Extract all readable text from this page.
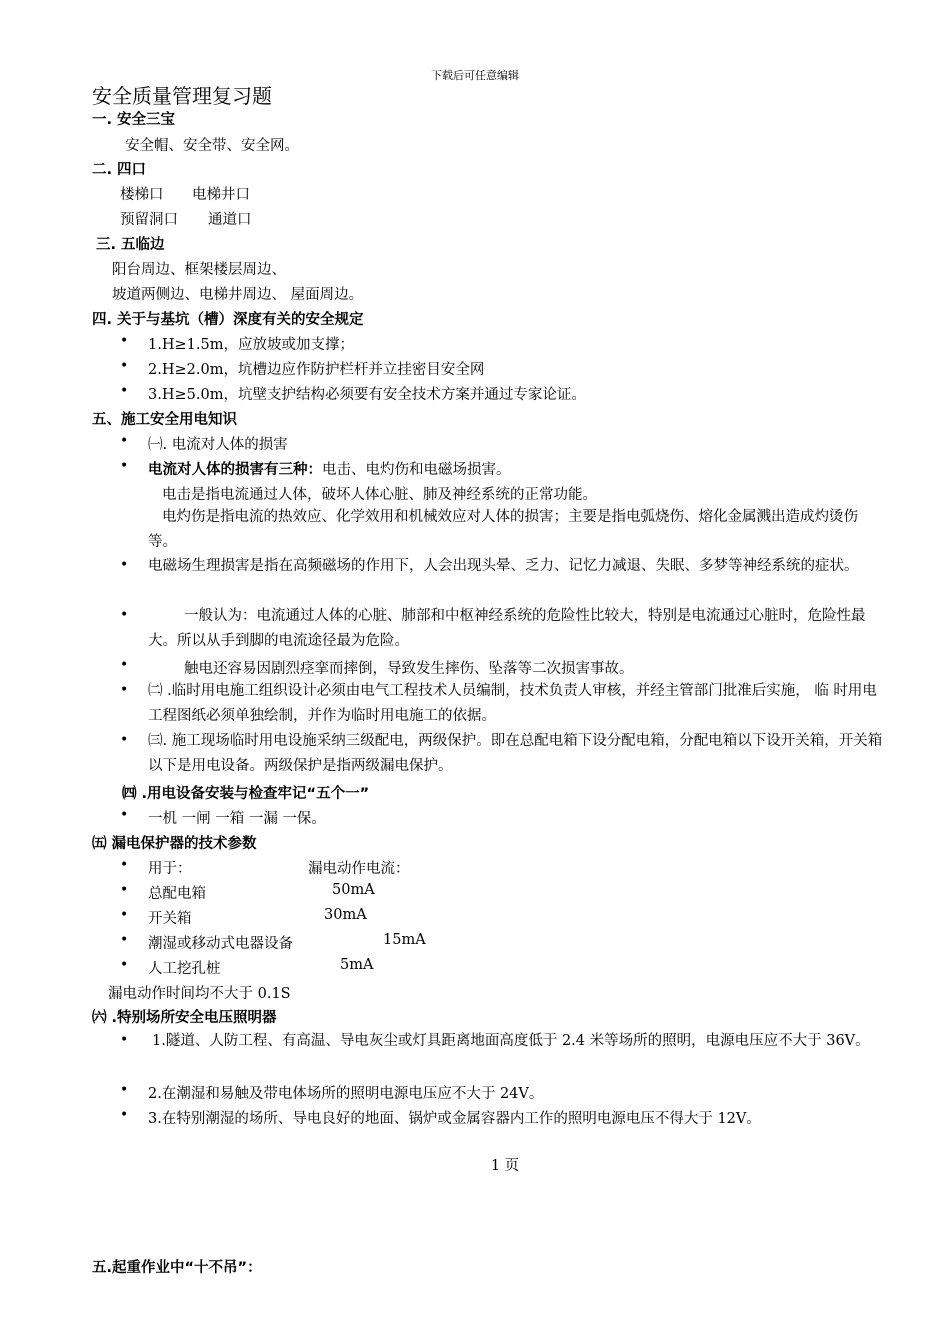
下载后可任意编辑
安全质量管理复习题
一. 安全三宝
安全帽、安全带、安全网。
二. 四口
楼梯口 电梯井口
预留洞口 通道口
三. 五临边
阳台周边、框架楼层周边、
坡道两侧边、电梯井周边、 屋面周边。
四. 关于与基坑（槽）深度有关的安全规定
• 1.H≥1.5m，应放坡或加支撑；
• 2.H≥2.0m，坑槽边应作防护栏杆并立挂密目安全网
• 3.H≥5.0m，坑壁支护结构必须要有安全技术方案并通过专家论证。
五、施工安全用电知识
• ㈠. 电流对人体的损害
• 电流对人体的损害有三种：电击、电灼伤和电磁场损害。
电击是指电流通过人体，破坏人体心脏、肺及神经系统的正常功能。
电灼伤是指电流的热效应、化学效用和机械效应对人体的损害；主要是指电弧烧伤、熔化金属溅出造成灼烫伤等。
• 电磁场生理损害是指在高频磁场的作用下，人会出现头晕、乏力、记忆力减退、失眠、多梦等神经系统的症状。
•	一般认为：电流通过人体的心脏、肺部和中枢神经系统的危险性比较大，特别是电流通过心脏时，危险性最大。所以从手到脚的电流途径最为危险。
•	触电还容易因剧烈痉挛而摔倒，导致发生摔伤、坠落等二次损害事故。
• ㈡ .临时用电施工组织设计必须由电气工程技术人员编制，技术负责人审核，并经主管部门批准后实施， 临 时用电工程图纸必须单独绘制，并作为临时用电施工的依据。
• ㈢. 施工现场临时用电设施采纳三级配电，两级保护。即在总配电箱下设分配电箱，分配电箱以下设开关箱，开关箱以下是用电设备。两级保护是指两级漏电保护。
㈣ .用电设备安装与检查牢记“五个一”
• 一机 一闸 一箱 一漏 一保。
㈤ 漏电保护器的技术参数
• 用于：	漏电动作电流：
• 总配电箱	50mA
• 开关箱	30mA
• 潮湿或移动式电器设备	15mA
• 人工挖孔桩	5mA
漏电动作时间均不大于 0.1S
㈥ .特别场所安全电压照明器
• 1.隧道、人防工程、有高温、导电灰尘或灯具距离地面高度低于 2.4 米等场所的照明，电源电压应不大于 36V。
• 2.在潮湿和易触及带电体场所的照明电源电压应不大于 24V。
• 3.在特别潮湿的场所、导电良好的地面、锅炉或金属容器内工作的照明电源电压不得大于 12V。
1 页
五.起重作业中“十不吊”：
